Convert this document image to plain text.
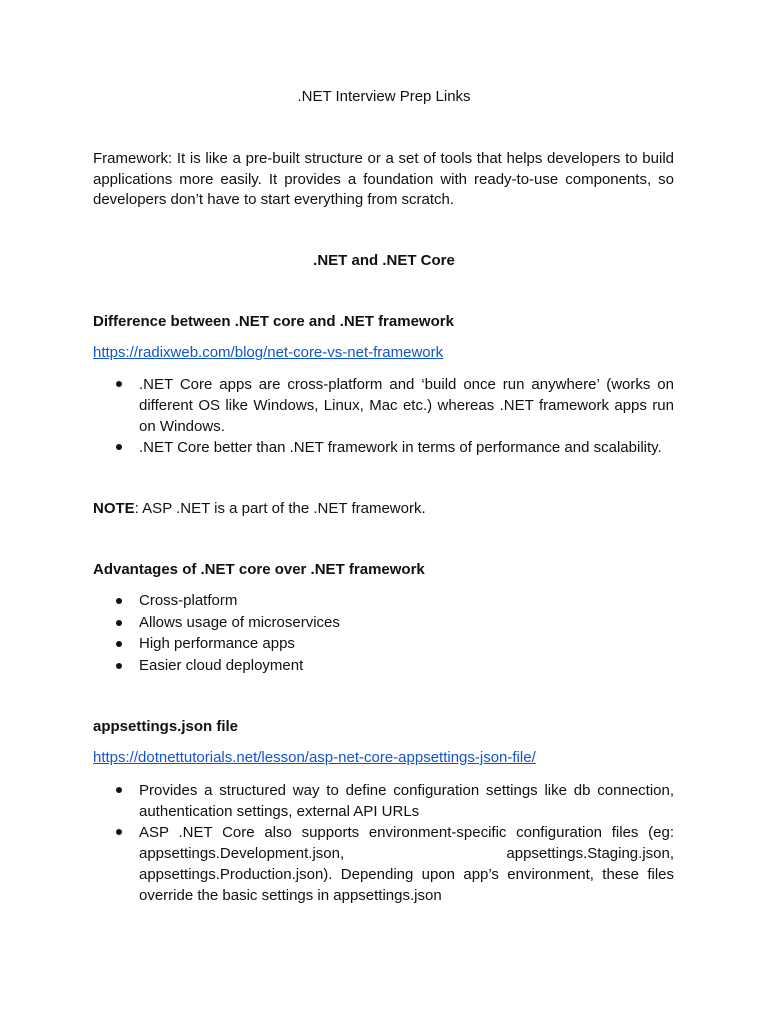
.NET Interview Prep Links
Framework: It is like a pre-built structure or a set of tools that helps developers to build applications more easily. It provides a foundation with ready-to-use components, so developers don’t have to start everything from scratch.
.NET and .NET Core
Difference between .NET core and .NET framework
https://radixweb.com/blog/net-core-vs-net-framework
.NET Core apps are cross-platform and ‘build once run anywhere’ (works on different OS like Windows, Linux, Mac etc.) whereas .NET framework apps run on Windows.
.NET Core better than .NET framework in terms of performance and scalability.
NOTE: ASP .NET is a part of the .NET framework.
Advantages of .NET core over .NET framework
Cross-platform
Allows usage of microservices
High performance apps
Easier cloud deployment
appsettings.json file
https://dotnettutorials.net/lesson/asp-net-core-appsettings-json-file/
Provides a structured way to define configuration settings like db connection, authentication settings, external API URLs
ASP .NET Core also supports environment-specific configuration files (eg: appsettings.Development.json, appsettings.Staging.json, appsettings.Production.json). Depending upon app’s environment, these files override the basic settings in appsettings.json
